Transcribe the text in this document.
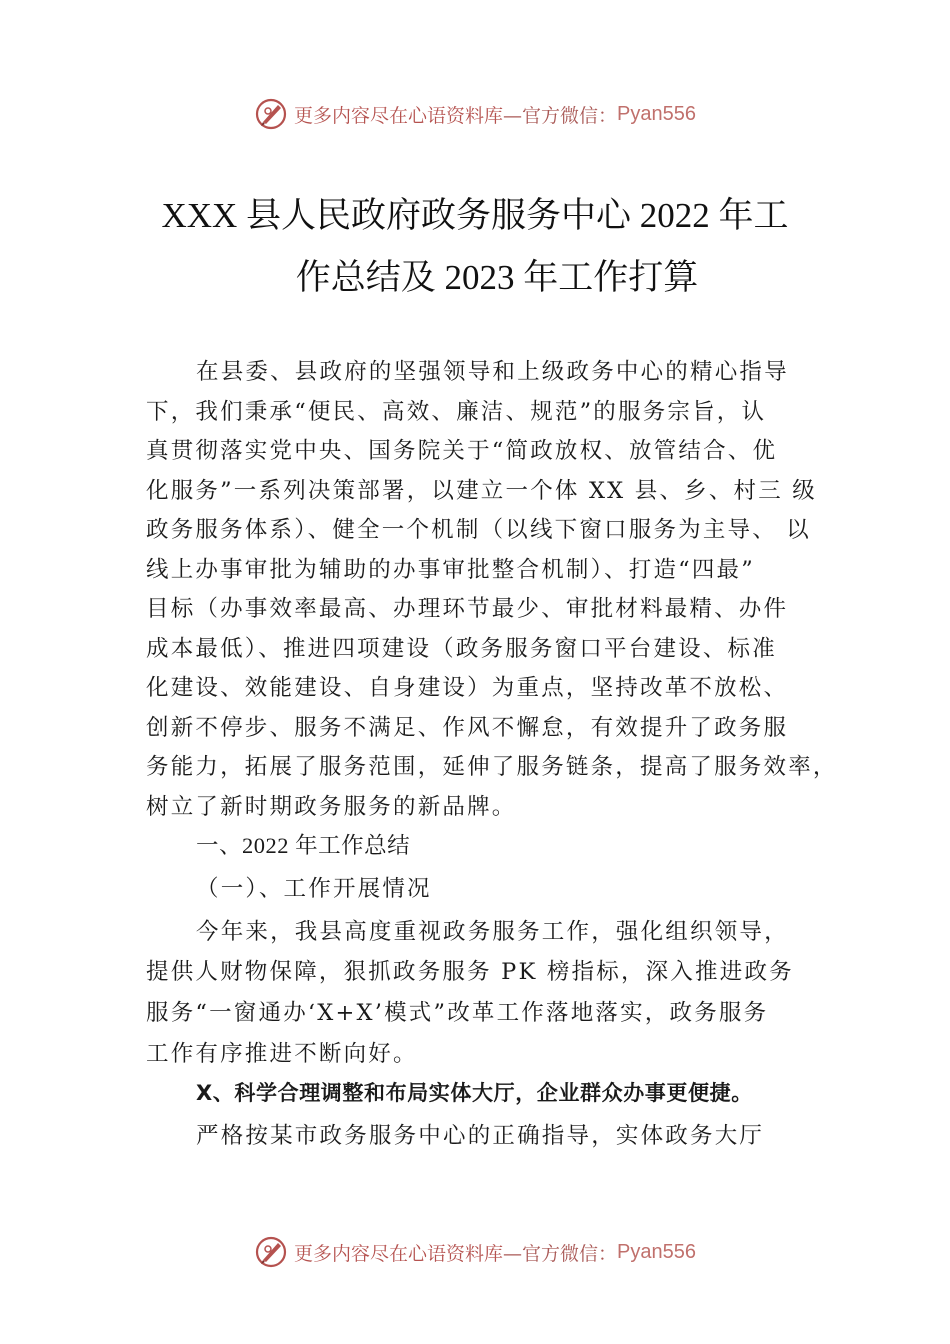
更多内容尽在心语资料库 —官方微信： Pyan556
XXX 县人民政府政务服务中心 2022 年工
作总结及 2023 年工作打算
在县委、县政府的坚强领导和上级政务中心的精心指导
下，我们秉承“便民、高效、廉洁、规范”的服务宗旨，认
真贯彻落实党中央、国务院关于“简政放权、放管结合、优
化服务”一系列决策部署，以建立一个体 XX 县、乡、村三 级
政务服务体系）、健全一个机制（以线下窗口服务为主导、 以
线上办事审批为辅助的办事审批整合机制）、打造“四最”
目标（办事效率最高、办理环节最少、审批材料最精、办件
成本最低）、推进四项建设（政务服务窗口平台建设、标准
化建设、效能建设、自身建设）为重点，坚持改革不放松、
创新不停步、服务不满足、作风不懈怠，有效提升了政务服
务能力，拓展了服务范围，延伸了服务链条，提高了服务效率，
树立了新时期政务服务的新品牌。
一、2022 年工作总结
（一）、工作开展情况
今年来，我县高度重视政务服务工作，强化组织领导，
提供人财物保障，狠抓政务服务 PK 榜指标，深入推进政务
服务“一窗通办‘X+X’模式”改革工作落地落实，政务服务
工作有序推进不断向好。
X、科学合理调整和布局实体大厅，企业群众办事更便捷。
严格按某市政务服务中心的正确指导，实体政务大厅
更多内容尽在心语资料库 —官方微信： Pyan556
